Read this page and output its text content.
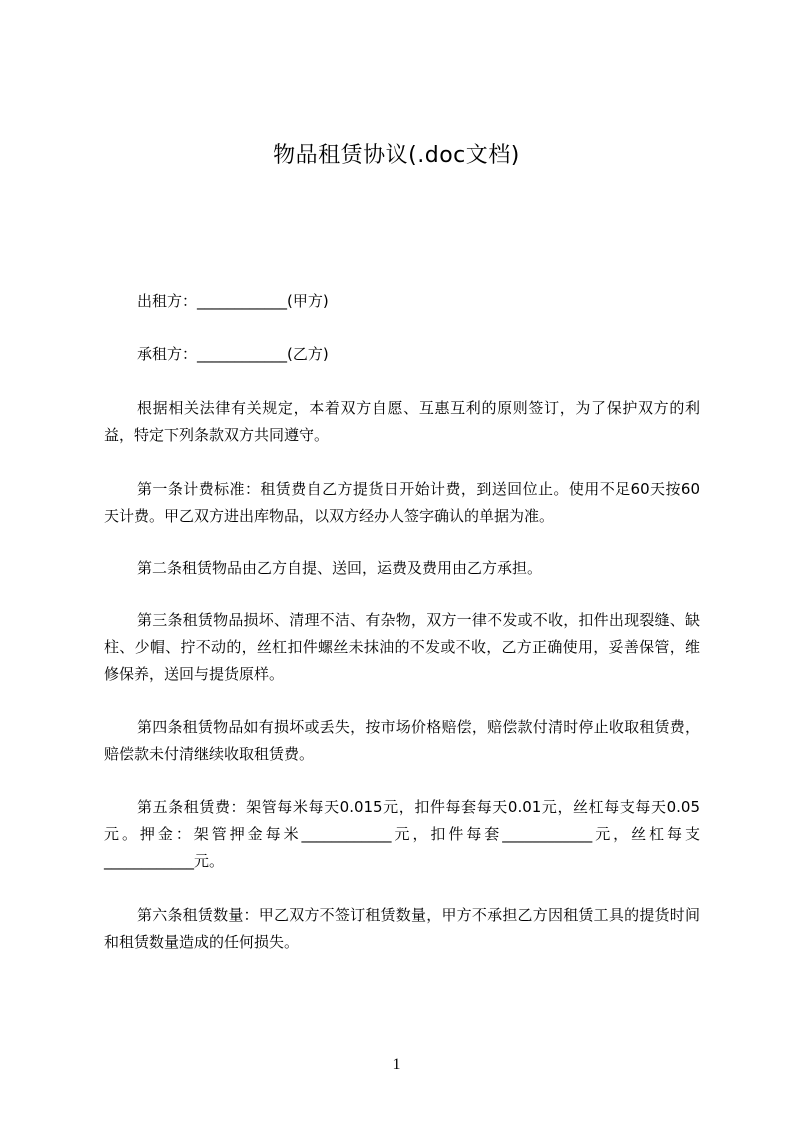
物品租赁协议(.doc文档)

出租方：____________(甲方)

承租方：____________(乙方)

根据相关法律有关规定，本着双方自愿、互惠互利的原则签订，为了保护双方的利益，特定下列条款双方共同遵守。

第一条计费标准：租赁费自乙方提货日开始计费，到送回位止。使用不足60天按60天计费。甲乙双方进出库物品，以双方经办人签字确认的单据为准。

第二条租赁物品由乙方自提、送回，运费及费用由乙方承担。

第三条租赁物品损坏、清理不洁、有杂物，双方一律不发或不收，扣件出现裂缝、缺柱、少帽、拧不动的，丝杠扣件螺丝未抹油的不发或不收，乙方正确使用，妥善保管，维修保养，送回与提货原样。

第四条租赁物品如有损坏或丢失，按市场价格赔偿，赔偿款付清时停止收取租赁费，赔偿款未付清继续收取租赁费。

第五条租赁费：架管每米每天0.015元，扣件每套每天0.01元，丝杠每支每天0.05元。押金：架管押金每米____________元，扣件每套____________元，丝杠每支____________元。

第六条租赁数量：甲乙双方不签订租赁数量，甲方不承担乙方因租赁工具的提货时间和租赁数量造成的任何损失。

1
